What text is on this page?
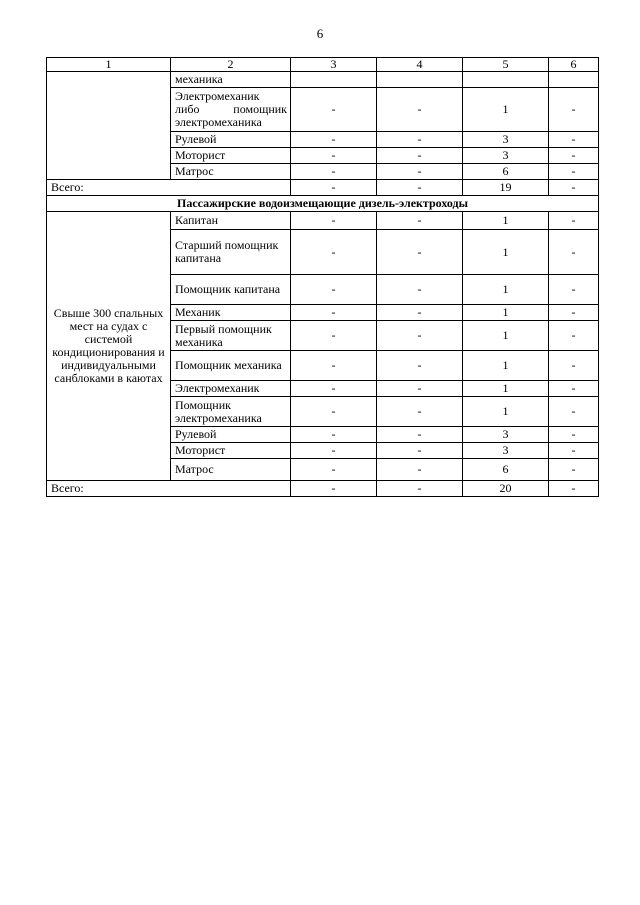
6
1	2	3	4	5	6
	механика				

	Электромеханик либо помощник электромеханика	-	-	1	-
	Рулевой	-	-	3	-
	Моторист	-	-	3	-
	Матрос	-	-	6	-
Всего:		-	-	19	-
Пассажирские водоизмещающие дизель-электроходы					
Свыше 300 спальных мест на судах с системой кондиционирования и индивидуальными санблоками в каютах	Капитан	-	-	1	-
	Старший помощник капитана	-	-	1	-
	Помощник капитана	-	-	1	-
	Механик	-	-	1	-
	Первый помощник механика	-	-	1	-
	Помощник механика	-	-	1	-
	Электромеханик	-	-	1	-
	Помощник электромеханика	-	-	1	-
	Рулевой	-	-	3	-
	Моторист	-	-	3	-
	Матрос	-	-	6	-
Всего:		-	-	20	-
